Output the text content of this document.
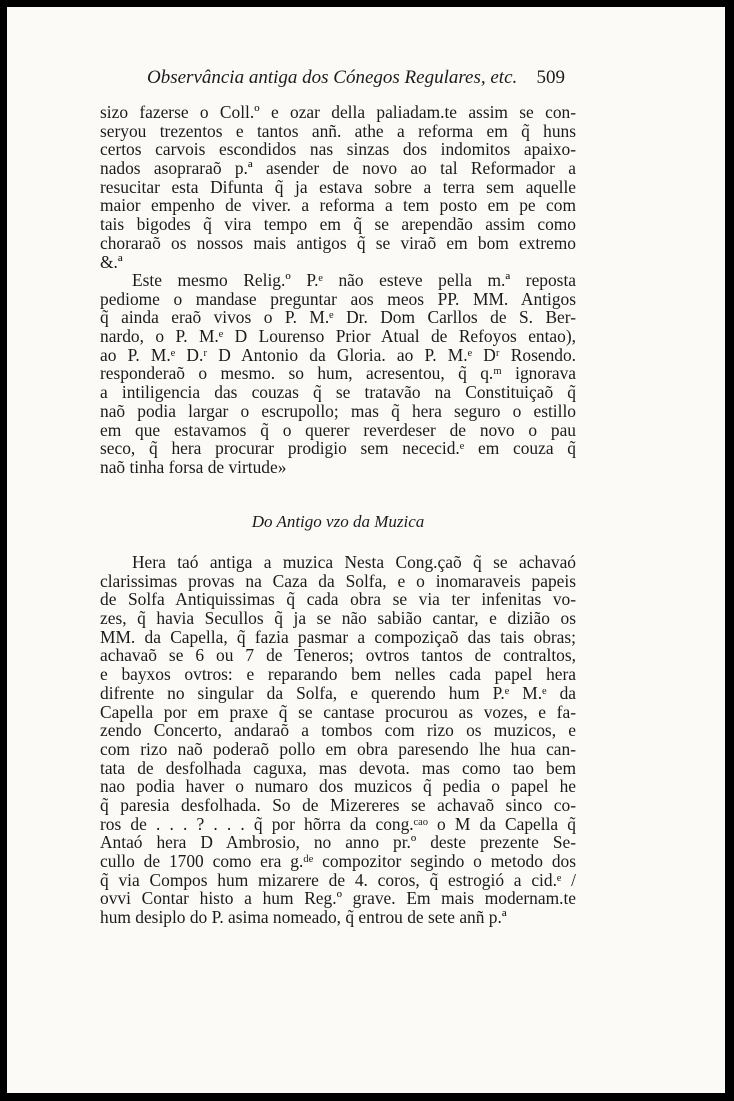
Observância antiga dos Cónegos Regulares, etc. 509
sizo fazerse o Coll.º e ozar della paliadam.te assim se con-
seryou trezentos e tantos anñ. athe a reforma em q̃ huns
certos carvois escondidos nas sinzas dos indomitos apaixo-
nados asopraraõ p.ª asender de novo ao tal Reformador a
resucitar esta Difunta q̃ ja estava sobre a terra sem aquelle
maior empenho de viver. a reforma a tem posto em pe com
tais bigodes q̃ vira tempo em q̃ se arependão assim como
choraraõ os nossos mais antigos q̃ se viraõ em bom extremo
&.ª
Este mesmo Relig.º P.ᵉ não esteve pella m.ª reposta
pediome o mandase preguntar aos meos PP. MM. Antigos
q̃ ainda eraõ vivos o P. M.ᵉ Dr. Dom Carllos de S. Ber-
nardo, o P. M.ᵉ D Lourenso Prior Atual de Refoyos entao),
ao P. M.ᵉ D.ʳ D Antonio da Gloria. ao P. M.ᵉ Dʳ Rosendo.
responderaõ o mesmo. so hum, acresentou, q̃ q.ᵐ ignorava
a intiligencia das couzas q̃ se tratavão na Constituiçaõ q̃
naõ podia largar o escrupollo; mas q̃ hera seguro o estillo
em que estavamos q̃ o querer reverdeser de novo o pau
seco, q̃ hera procurar prodigio sem nececid.ᵉ em couza q̃
naõ tinha forsa de virtude»
Do Antigo vzo da Muzica
Hera taó antiga a muzica Nesta Cong.çaõ q̃ se achavaó
clarissimas provas na Caza da Solfa, e o inomaraveis papeis
de Solfa Antiquissimas q̃ cada obra se via ter infenitas vo-
zes, q̃ havia Secullos q̃ ja se não sabião cantar, e dizião os
MM. da Capella, q̃ fazia pasmar a compoziçaõ das tais obras;
achavaõ se 6 ou 7 de Teneros; ovtros tantos de contraltos,
e bayxos ovtros: e reparando bem nelles cada papel hera
difrente no singular da Solfa, e querendo hum P.ᵉ M.ᵉ da
Capella por em praxe q̃ se cantase procurou as vozes, e fa-
zendo Concerto, andaraõ a tombos com rizo os muzicos, e
com rizo naõ poderaõ pollo em obra paresendo lhe hua can-
tata de desfolhada caguxa, mas devota. mas como tao bem
nao podia haver o numaro dos muzicos q̃ pedia o papel he
q̃ paresia desfolhada. So de Mizereres se achavaõ sinco co-
ros de . . . ? . . . q̃ por hõrra da cong.ᶜᵃᵒ o M da Capella q̃
Antaó hera D Ambrosio, no anno pr.º deste prezente Se-
cullo de 1700 como era g.ᵈᵉ compozitor segindo o metodo dos
q̃ via Compos hum mizarere de 4. coros, q̃ estrogió a cid.ᵉ /
ovvi Contar histo a hum Reg.º grave. Em mais modernam.te
hum desiplo do P. asima nomeado, q̃ entrou de sete anñ p.ª
